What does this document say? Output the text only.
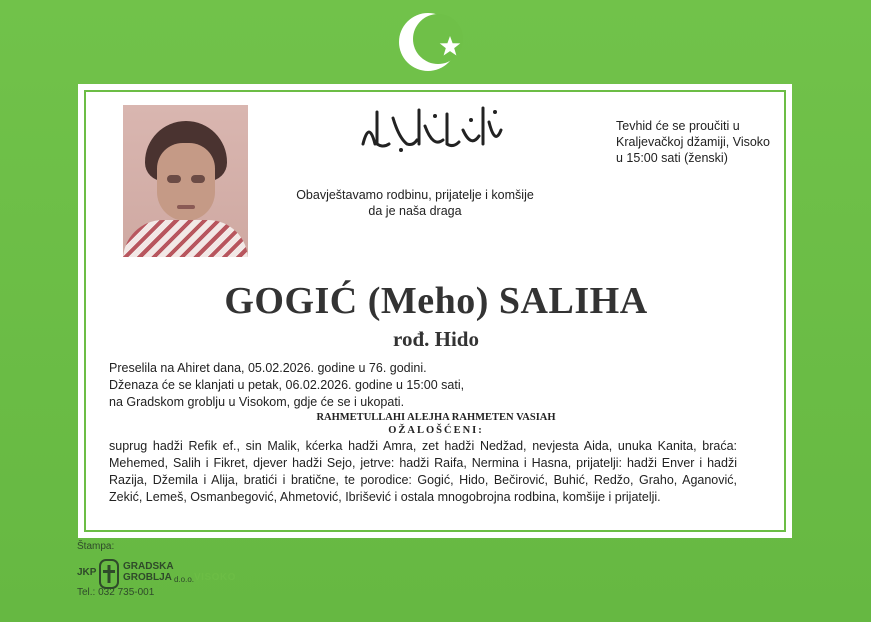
Tevhid će se proučiti u
Kraljevačkoj džamiji, Visoko
u 15:00 sati (ženski)
Obavještavamo rodbinu, prijatelje i komšije
da je naša draga
GOGIĆ (Meho) SALIHA
rođ. Hido
Preselila na Ahiret dana, 05.02.2026. godine u 76. godini.
Dženaza će se klanjati u petak, 06.02.2026. godine u 15:00 sati,
na Gradskom groblju u Visokom, gdje će se i ukopati.
RAHMETULLAHI ALEJHA RAHMETEN VASIAH
OŽALOŠĆENI:
suprug hadži Refik ef., sin Malik, kćerka hadži Amra, zet hadži Nedžad, nevjesta Aida, unuka Kanita, braća: Mehemed, Salih i Fikret, djever hadži Sejo, jetrve: hadži Raifa, Nermina i Hasna, prijatelji: hadži Enver i hadži Razija, Džemila i Alija, bratići i bratične, te porodice: Gogić, Hido, Bečirović, Buhić, Redžo, Graho, Aganović, Zekić, Lemeš, Osmanbegović, Ahmetović, Ibrišević i ostala mnogobrojna rodbina, komšije i prijatelji.
Štampa:
JKP
GRADSKA
GROBLJA d.o.o. VISOKO
Tel.: 032 735-001
